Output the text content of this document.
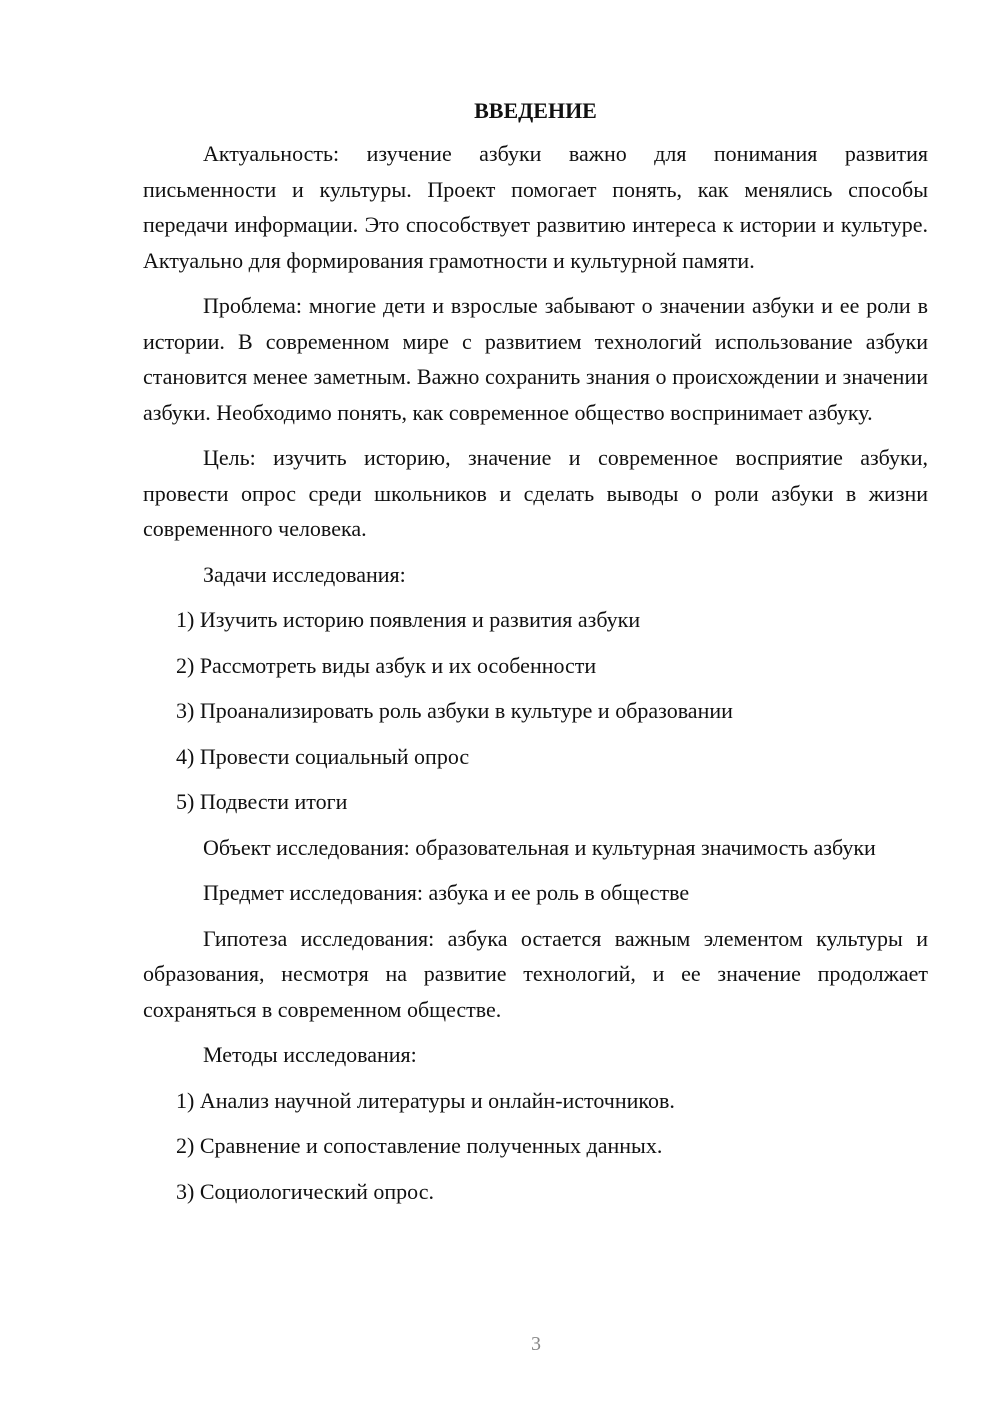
ВВЕДЕНИЕ

Актуальность: изучение азбуки важно для понимания развития письменности и культуры. Проект помогает понять, как менялись способы передачи информации. Это способствует развитию интереса к истории и культуре. Актуально для формирования грамотности и культурной памяти.

Проблема: многие дети и взрослые забывают о значении азбуки и ее роли в истории. В современном мире с развитием технологий использование азбуки становится менее заметным. Важно сохранить знания о происхождении и значении азбуки. Необходимо понять, как современное общество воспринимает азбуку.

Цель: изучить историю, значение и современное восприятие азбуки, провести опрос среди школьников и сделать выводы о роли азбуки в жизни современного человека.

Задачи исследования:
1) Изучить историю появления и развития азбуки
2) Рассмотреть виды азбук и их особенности
3) Проанализировать роль азбуки в культуре и образовании
4) Провести социальный опрос
5) Подвести итоги

Объект исследования: образовательная и культурная значимость азбуки

Предмет исследования: азбука и ее роль в обществе

Гипотеза исследования: азбука остается важным элементом культуры и образования, несмотря на развитие технологий, и ее значение продолжает сохраняться в современном обществе.

Методы исследования:
1) Анализ научной литературы и онлайн-источников.
2) Сравнение и сопоставление полученных данных.
3) Социологический опрос.
3
